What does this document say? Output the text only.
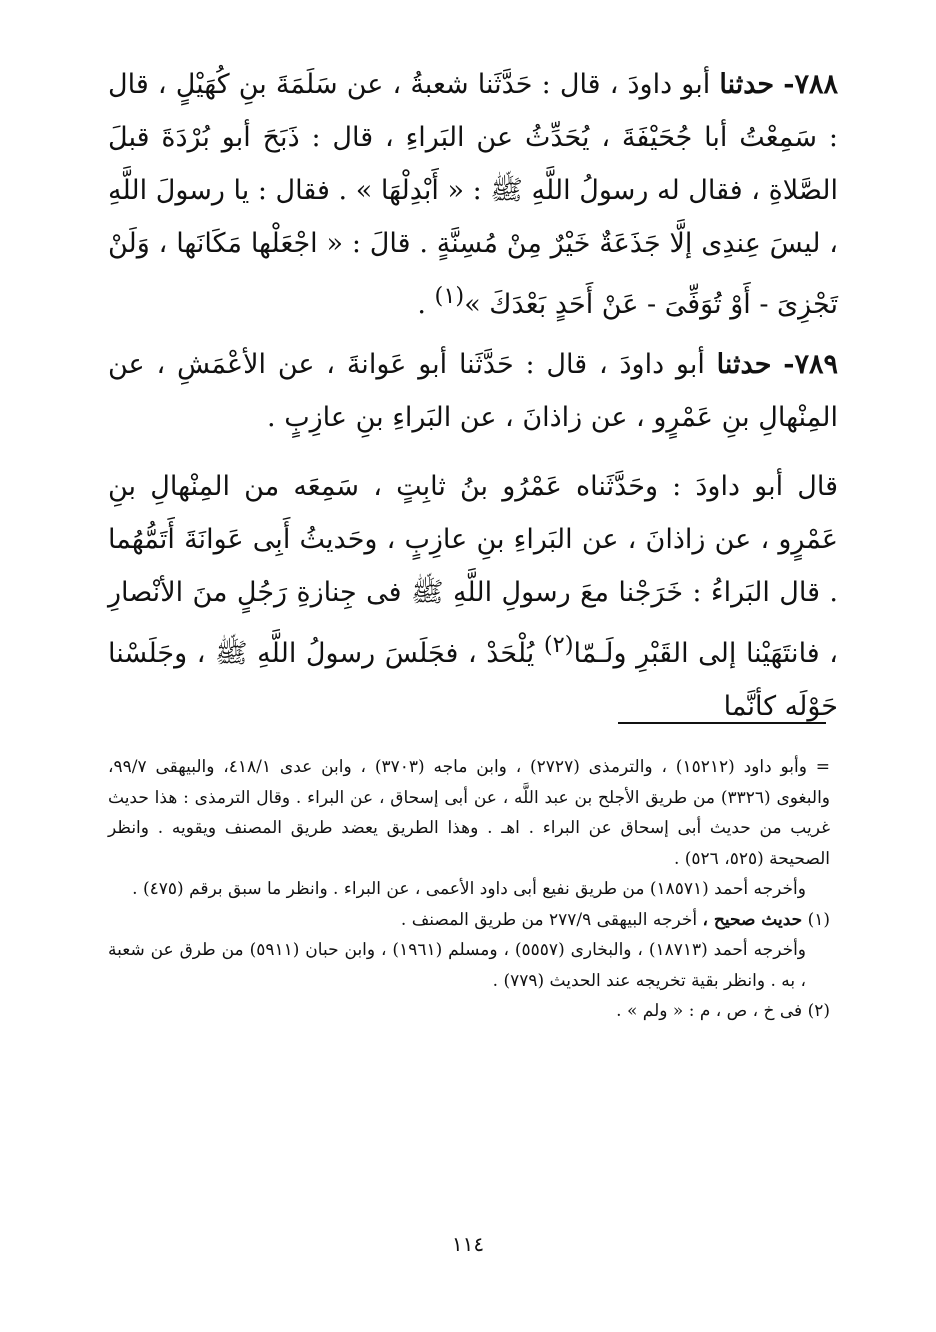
٧٨٨- حدثنا أبو داودَ ، قال : حَدَّثَنا شعبةُ ، عن سَلَمَةَ بنِ كُهَيْلٍ ، قال : سَمِعْتُ أبا جُحَيْفَةَ ، يُحَدِّثُ عن البَراءِ ، قال : ذَبَحَ أبو بُرْدَةَ قبلَ الصَّلاةِ ، فقال له رسولُ اللَّهِ ﷺ : « أَبْدِلْهَا » . فقال : يا رسولَ اللَّهِ ، ليسَ عِندِى إلَّا جَذَعَةٌ خَيْرٌ مِنْ مُسِنَّةٍ . قالَ : « اجْعَلْها مَكَانَها ، وَلَنْ تَجْزِىَ - أَوْ تُوَفِّىَ - عَنْ أَحَدٍ بَعْدَكَ »$^{(١)}$ .
٧٨٩- حدثنا أبو داودَ ، قال : حَدَّثَنا أبو عَوانةَ ، عن الأعْمَشِ ، عن المِنْهالِ بنِ عَمْرٍو ، عن زاذانَ ، عن البَراءِ بنِ عازِبٍ .
قال أبو داودَ : وحَدَّثَناه عَمْرُو بنُ ثابِتٍ ، سَمِعَه من المِنْهالِ بنِ عَمْرٍو ، عن زاذانَ ، عن البَراءِ بنِ عازِبٍ ، وحَديثُ أَبِى عَوانَةَ أَتَمُّهُما . قال البَراءُ : خَرَجْنا معَ رسولِ اللَّهِ ﷺ فى جِنازةِ رَجُلٍ منَ الأنْصارِ ، فانتَهَيْنا إلى القَبْرِ ولَـمّا$^{(٢)}$ يُلْحَدْ ، فجَلَسَ رسولُ اللَّهِ ﷺ ، وجَلَسْنا حَوْلَه كأنَّما

= وأبو داود (١٥٢١٢) ، والترمذى (٢٧٢٧) ، وابن ماجه (٣٧٠٣) ، وابن عدى ٤١٨/١، والبيهقى ٩٩/٧، والبغوى (٣٣٢٦) من طريق الأجلح بن عبد اللَّه ، عن أبى إسحاق ، عن البراء . وقال الترمذى : هذا حديث غريب من حديث أبى إسحاق عن البراء . اهـ . وهذا الطريق يعضد طريق المصنف ويقويه . وانظر الصحيحة (٥٢٥، ٥٢٦) .

وأخرجه أحمد (١٨٥٧١) من طريق نفيع أبى داود الأعمى ، عن البراء . وانظر ما سبق برقم (٤٧٥) .

(١) حديث صحيح ، أخرجه البيهقى ٢٧٧/٩ من طريق المصنف .

وأخرجه أحمد (١٨٧١٣) ، والبخارى (٥٥٥٧) ، ومسلم (١٩٦١) ، وابن حبان (٥٩١١) من طرق عن شعبة ، به . وانظر بقية تخريجه عند الحديث (٧٧٩) .

(٢) فى خ ، ص ، م : « ولم » .

١١٤
